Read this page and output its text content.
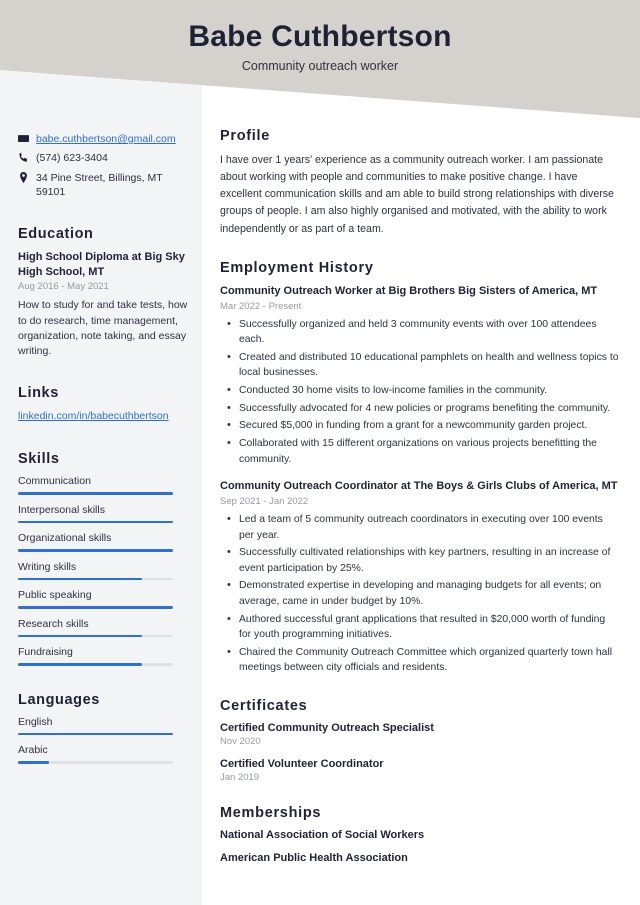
babe.cuthbertson@gmail.com
(574) 623-3404
34 Pine Street, Billings, MT 59101
Education
High School Diploma at Big Sky High School, MT
Aug 2016 - May 2021
How to study for and take tests, how to do research, time management, organization, note taking, and essay writing.
Links
linkedin.com/in/babecuthbertson
Skills
Communication
Interpersonal skills
Organizational skills
Writing skills
Public speaking
Research skills
Fundraising
Languages
English
Arabic
Babe Cuthbertson
Community outreach worker
Profile
I have over 1 years' experience as a community outreach worker. I am passionate about working with people and communities to make positive change. I have excellent communication skills and am able to build strong relationships with diverse groups of people. I am also highly organised and motivated, with the ability to work independently or as part of a team.
Employment History
Community Outreach Worker at Big Brothers Big Sisters of America, MT
Mar 2022 - Present
• Successfully organized and held 3 community events with over 100 attendees each.
• Created and distributed 10 educational pamphlets on health and wellness topics to local businesses.
• Conducted 30 home visits to low-income families in the community.
• Successfully advocated for 4 new policies or programs benefiting the community.
• Secured $5,000 in funding from a grant for a newcommunity garden project.
• Collaborated with 15 different organizations on various projects benefitting the community.
Community Outreach Coordinator at The Boys & Girls Clubs of America, MT
Sep 2021 - Jan 2022
• Led a team of 5 community outreach coordinators in executing over 100 events per year.
• Successfully cultivated relationships with key partners, resulting in an increase of event participation by 25%.
• Demonstrated expertise in developing and managing budgets for all events; on average, came in under budget by 10%.
• Authored successful grant applications that resulted in $20,000 worth of funding for youth programming initiatives.
• Chaired the Community Outreach Committee which organized quarterly town hall meetings between city officials and residents.
Certificates
Certified Community Outreach Specialist
Nov 2020
Certified Volunteer Coordinator
Jan 2019
Memberships
National Association of Social Workers
American Public Health Association
